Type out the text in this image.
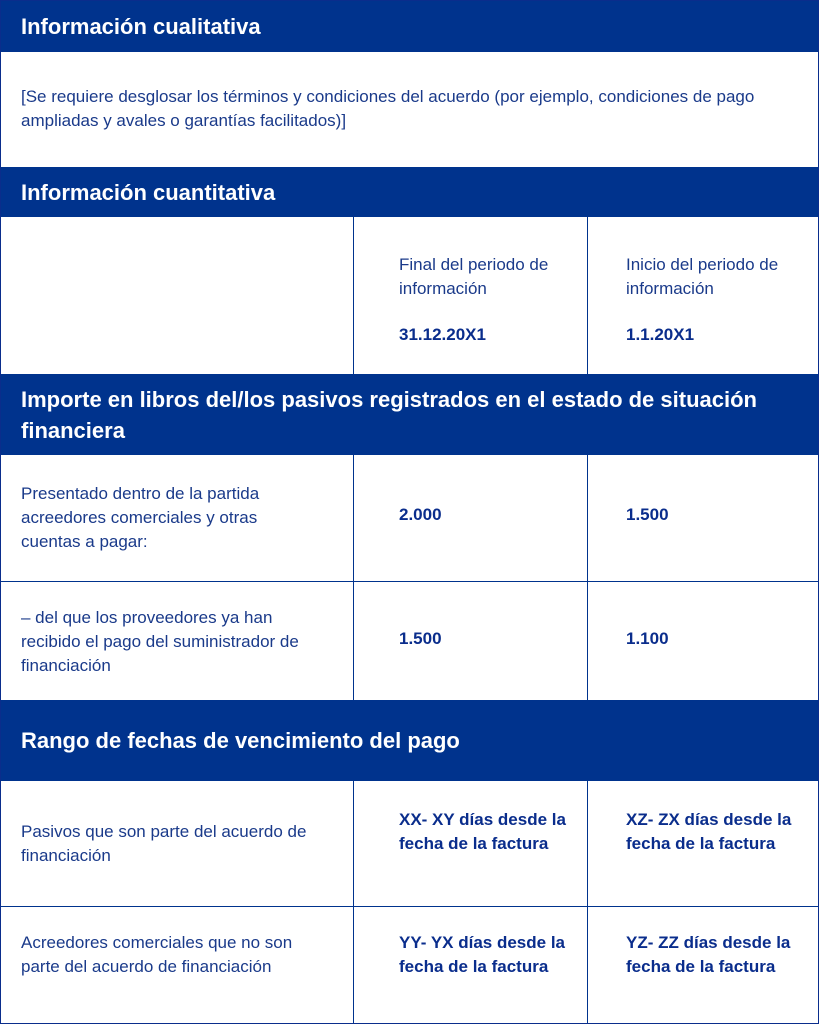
Información cualitativa
[Se requiere desglosar los términos y condiciones del acuerdo (por ejemplo, condiciones de pago ampliadas y avales o garantías facilitados)]
Información cuantitativa
Final del periodo de información
31.12.20X1
Inicio del periodo de información
1.1.20X1
Importe en libros del/los pasivos registrados en el estado de situación financiera
Presentado dentro de la partida acreedores comerciales y otras cuentas a pagar:
2.000	1.500
– del que los proveedores ya han recibido el pago del suministrador de financiación
1.500	1.100
Rango de fechas de vencimiento del pago
Pasivos que son parte del acuerdo de financiación
XX- XY días desde la fecha de la factura
XZ- ZX días desde la fecha de la factura
Acreedores comerciales que no son parte del acuerdo de financiación
YY- YX días desde la fecha de la factura
YZ- ZZ días desde la fecha de la factura
